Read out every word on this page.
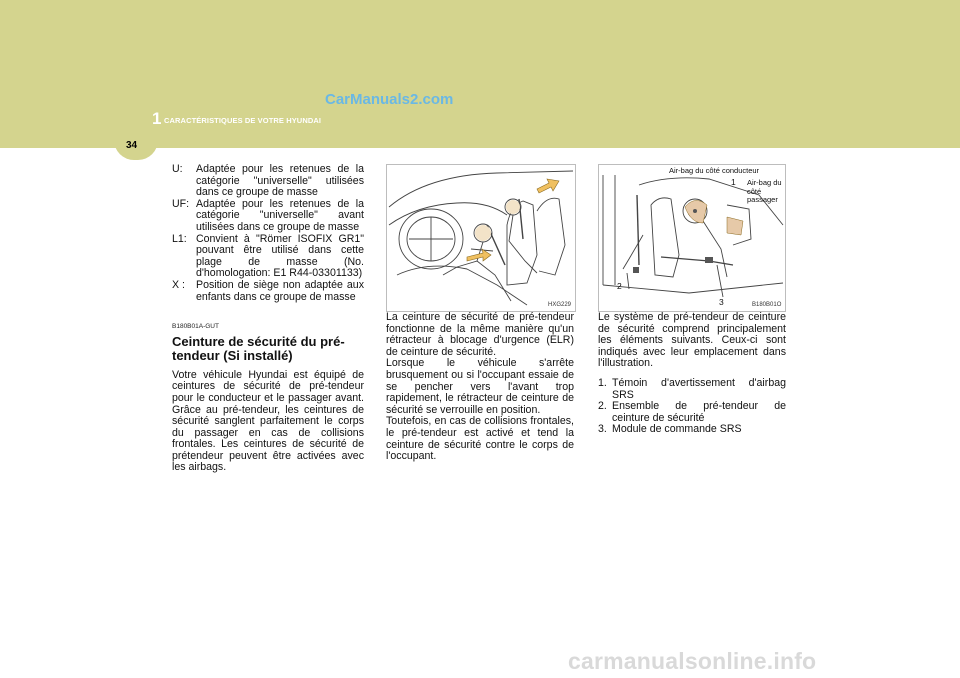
34
1 CARACTÉRISTIQUES DE VOTRE HYUNDAI
CarManuals2.com
U: Adaptée pour les retenues de la catégorie "universelle" utilisées dans ce groupe de masse
UF: Adaptée pour les retenues de la catégorie "universelle" avant utilisées dans ce groupe de masse
L1: Convient à "Römer ISOFIX GR1" pouvant être utilisé dans cette plage de masse (No. d'homologation: E1 R44-03301133)
X : Position de siège non adaptée aux enfants dans ce groupe de masse
B180B01A-GUT
Ceinture de sécurité du pré-tendeur (Si installé)

Votre véhicule Hyundai est équipé de ceintures de sécurité de pré-tendeur pour le conducteur et le passager avant. Grâce au pré-tendeur, les ceintures de sécurité sanglent parfaitement le corps du passager en cas de collisions frontales. Les ceintures de sécurité de prétendeur peuvent être activées avec les airbags.

HXG229

La ceinture de sécurité de pré-tendeur fonctionne de la même manière qu'un rétracteur à blocage d'urgence (ELR) de ceinture de sécurité.

Lorsque le véhicule s'arrête brusquement ou si l'occupant essaie de se pencher vers l'avant trop rapidement, le rétracteur de ceinture de sécurité se verrouille en position.

Toutefois, en cas de collisions frontales, le pré-tendeur est activé et tend la ceinture de sécurité contre le corps de l'occupant.

Air-bag du côté conducteur
1 Air-bag du côté passager
2
3	B180B01O

Le système de pré-tendeur de ceinture de sécurité comprend principalement les éléments suivants. Ceux-ci sont indiqués avec leur emplacement dans l'illustration.

1. Témoin d'avertissement d'airbag SRS
2. Ensemble de pré-tendeur de ceinture de sécurité
3. Module de commande SRS
carmanualsonline.info
